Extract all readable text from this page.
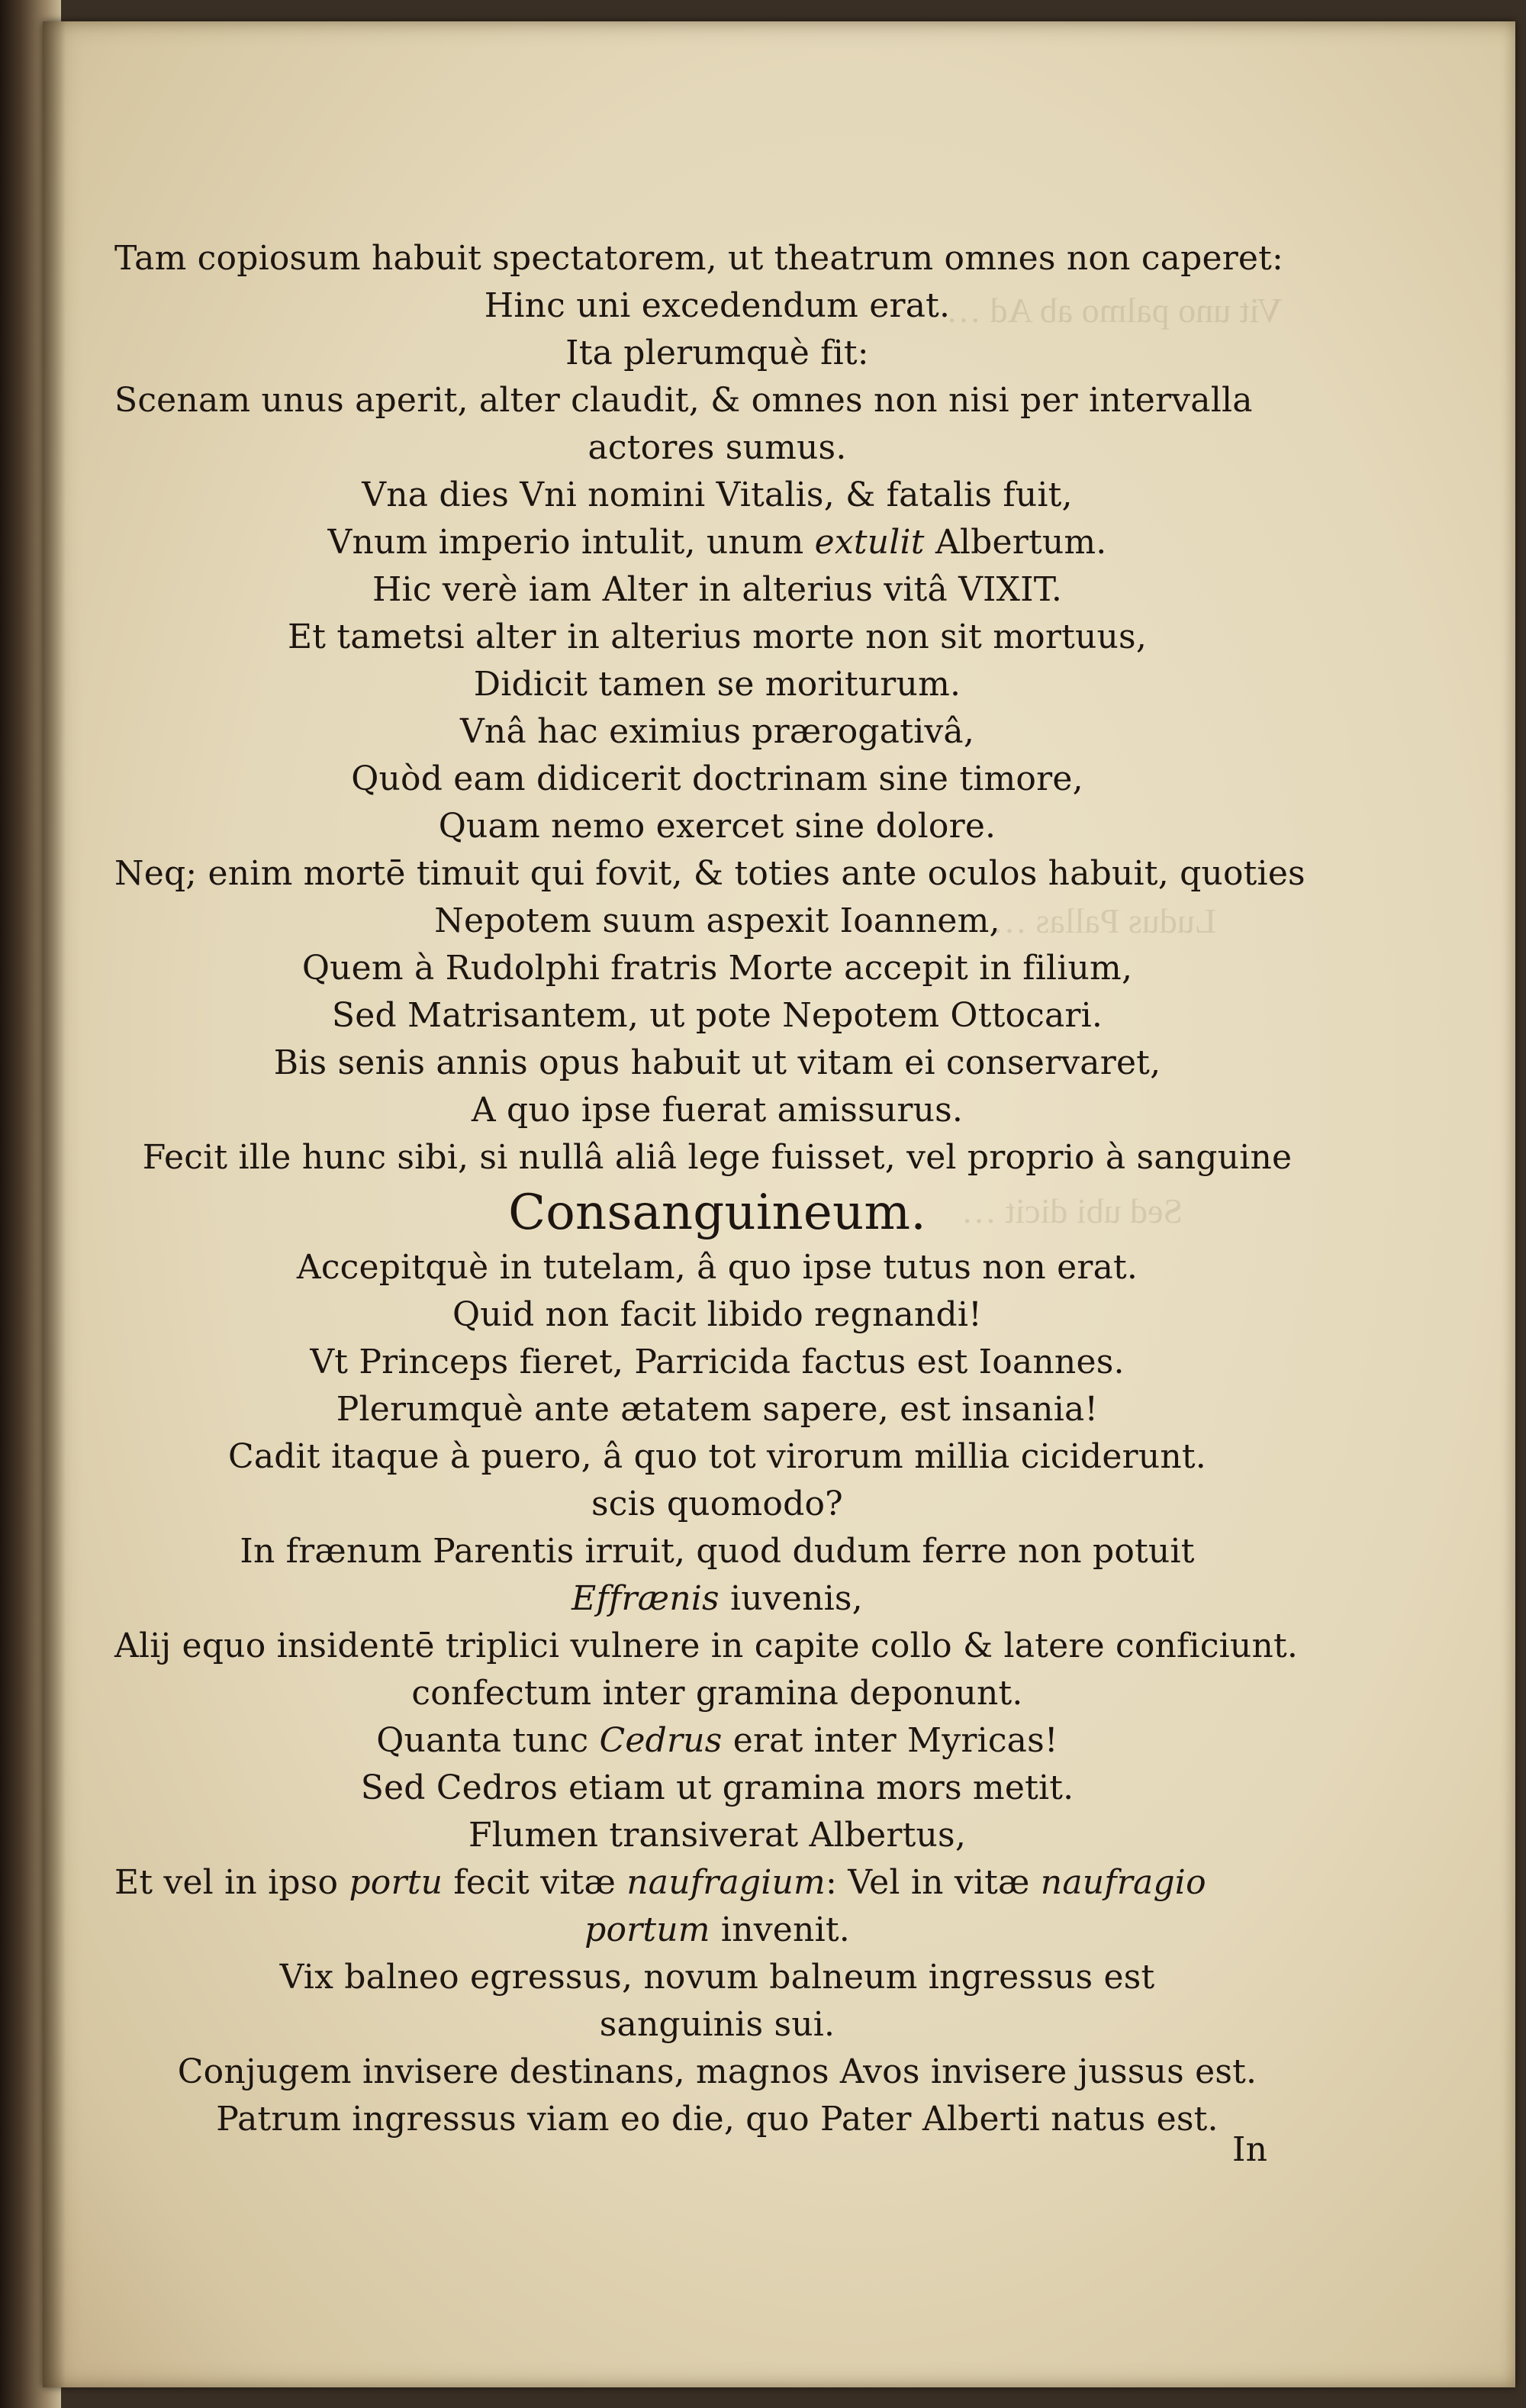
Vit uno palmo ab Ad …
Ludus Pallas …
Sed ubi dicit …
Tam copiosum habuit spectatorem, ut theatrum omnes non caperet:
Hinc uni excedendum erat.
Ita plerumquè fit:
Scenam unus aperit, alter claudit, & omnes non nisi per intervalla
actores sumus.
Vna dies Vni nomini Vitalis, & fatalis fuit,
Vnum imperio intulit, unum extulit Albertum.
Hic verè iam Alter in alterius vitâ VIXIT.
Et tametsi alter in alterius morte non sit mortuus,
Didicit tamen se moriturum.
Vnâ hac eximius prærogativâ,
Quòd eam didicerit doctrinam sine timore,
Quam nemo exercet sine dolore.
Neq; enim mortē timuit qui fovit, & toties ante oculos habuit, quoties
Nepotem suum aspexit Ioannem,
Quem à Rudolphi fratris Morte accepit in filium,
Sed Matrisantem, ut pote Nepotem Ottocari.
Bis senis annis opus habuit ut vitam ei conservaret,
A quo ipse fuerat amissurus.
Fecit ille hunc sibi, si nullâ aliâ lege fuisset, vel proprio à sanguine
Consanguineum.
Accepitquè in tutelam, â quo ipse tutus non erat.
Quid non facit libido regnandi!
Vt Princeps fieret, Parricida factus est Ioannes.
Plerumquè ante ætatem sapere, est insania!
Cadit itaque à puero, â quo tot virorum millia ciciderunt.
scis quomodo?
In frænum Parentis irruit, quod dudum ferre non potuit
Effrænis iuvenis,
Alij equo insidentē triplici vulnere in capite collo & latere conficiunt.
confectum inter gramina deponunt.
Quanta tunc Cedrus erat inter Myricas!
Sed Cedros etiam ut gramina mors metit.
Flumen transiverat Albertus,
Et vel in ipso portu fecit vitæ naufragium: Vel in vitæ naufragio
portum invenit.
Vix balneo egressus, novum balneum ingressus est
sanguinis sui.
Conjugem invisere destinans, magnos Avos invisere jussus est.
Patrum ingressus viam eo die, quo Pater Alberti natus est.
In
